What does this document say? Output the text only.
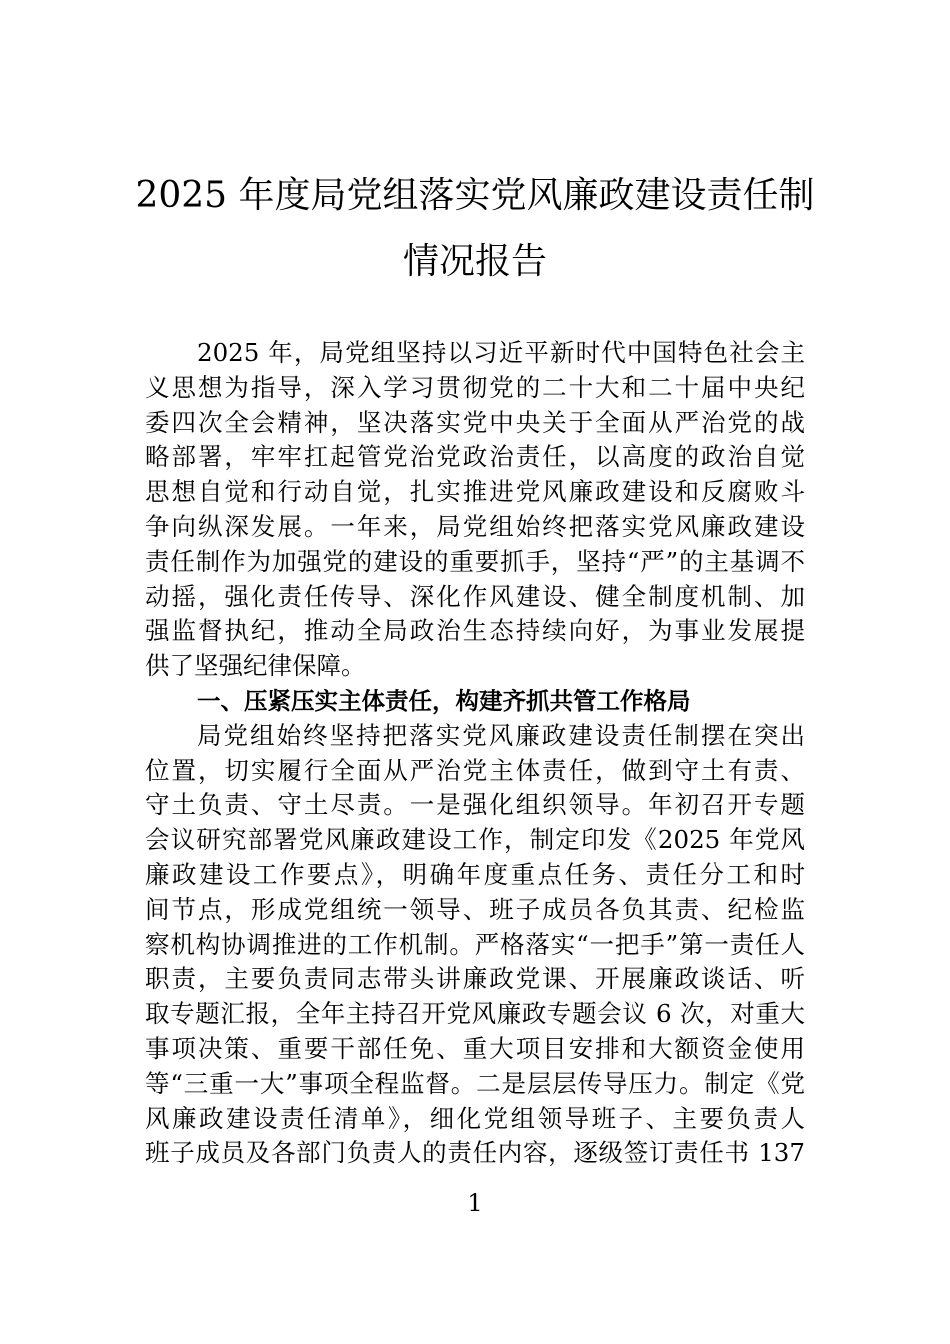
2025 年度局党组落实党风廉政建设责任制
情况报告
2025 年，局党组坚持以习近平新时代中国特色社会主
义思想为指导，深入学习贯彻党的二十大和二十届中央纪
委四次全会精神，坚决落实党中央关于全面从严治党的战
略部署，牢牢扛起管党治党政治责任，以高度的政治自觉
思想自觉和行动自觉，扎实推进党风廉政建设和反腐败斗
争向纵深发展。一年来，局党组始终把落实党风廉政建设
责任制作为加强党的建设的重要抓手，坚持“严”的主基调不
动摇，强化责任传导、深化作风建设、健全制度机制、加
强监督执纪，推动全局政治生态持续向好，为事业发展提
供了坚强纪律保障。
一、压紧压实主体责任，构建齐抓共管工作格局
局党组始终坚持把落实党风廉政建设责任制摆在突出
位置，切实履行全面从严治党主体责任，做到守土有责、
守土负责、守土尽责。一是强化组织领导。年初召开专题
会议研究部署党风廉政建设工作，制定印发《2025 年党风
廉政建设工作要点》，明确年度重点任务、责任分工和时
间节点，形成党组统一领导、班子成员各负其责、纪检监
察机构协调推进的工作机制。严格落实“一把手”第一责任人
职责，主要负责同志带头讲廉政党课、开展廉政谈话、听
取专题汇报，全年主持召开党风廉政专题会议 6 次，对重大
事项决策、重要干部任免、重大项目安排和大额资金使用
等“三重一大”事项全程监督。二是层层传导压力。制定《党
风廉政建设责任清单》，细化党组领导班子、主要负责人
班子成员及各部门负责人的责任内容，逐级签订责任书 137
1
